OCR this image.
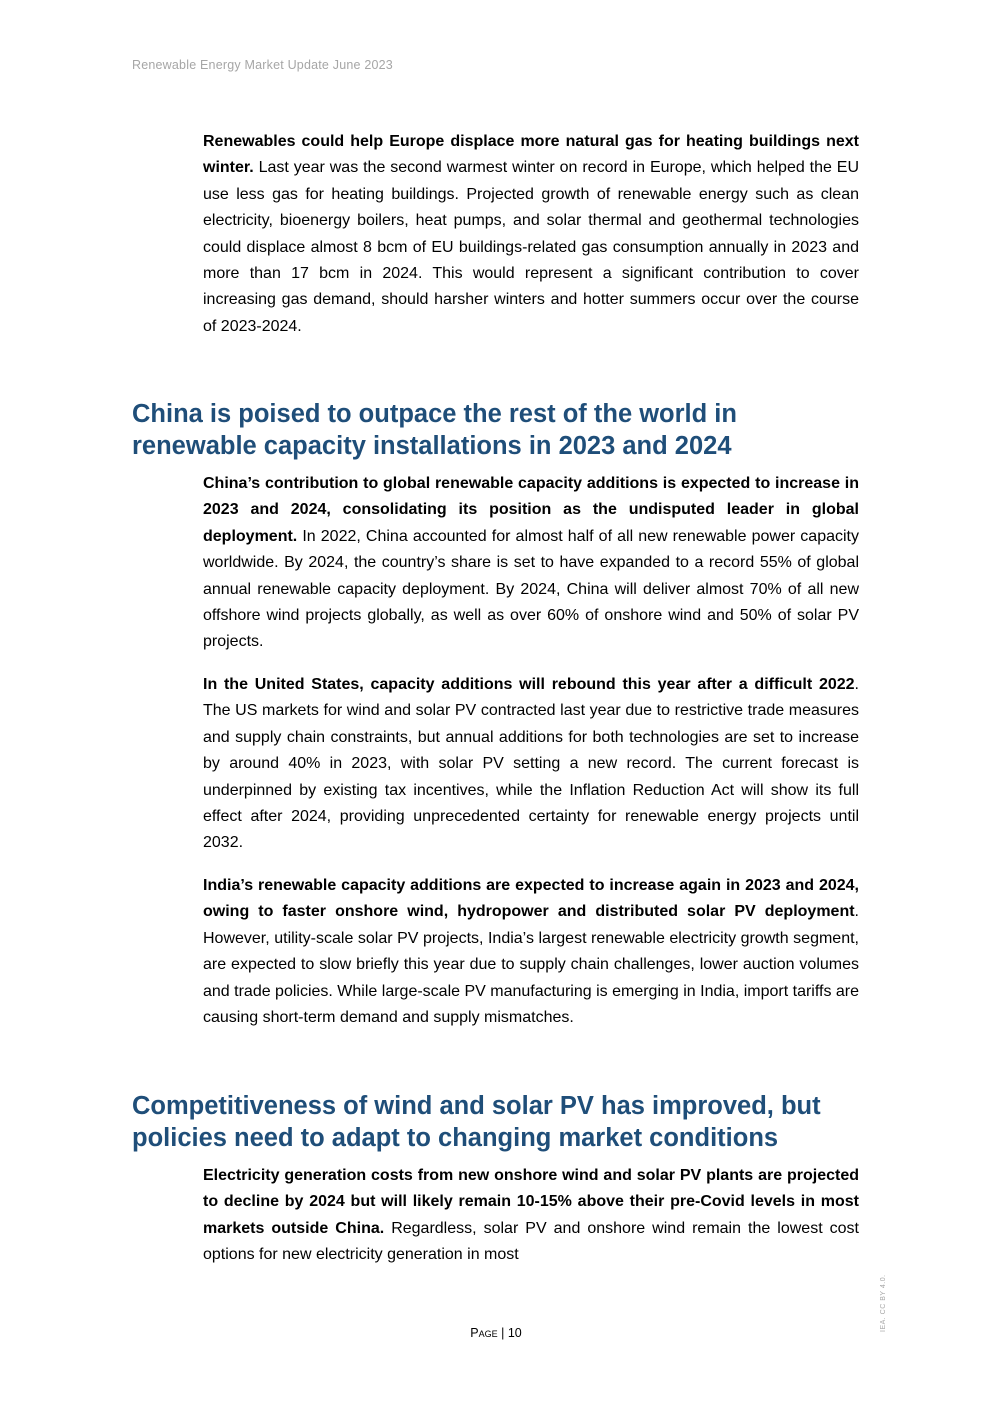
Renewable Energy Market Update June 2023

Renewables could help Europe displace more natural gas for heating buildings next winter. Last year was the second warmest winter on record in Europe, which helped the EU use less gas for heating buildings. Projected growth of renewable energy such as clean electricity, bioenergy boilers, heat pumps, and solar thermal and geothermal technologies could displace almost 8 bcm of EU buildings-related gas consumption annually in 2023 and more than 17 bcm in 2024. This would represent a significant contribution to cover increasing gas demand, should harsher winters and hotter summers occur over the course of 2023-2024.

China is poised to outpace the rest of the world in
renewable capacity installations in 2023 and 2024

China’s contribution to global renewable capacity additions is expected to increase in 2023 and 2024, consolidating its position as the undisputed leader in global deployment. In 2022, China accounted for almost half of all new renewable power capacity worldwide. By 2024, the country’s share is set to have expanded to a record 55% of global annual renewable capacity deployment. By 2024, China will deliver almost 70% of all new offshore wind projects globally, as well as over 60% of onshore wind and 50% of solar PV projects.

In the United States, capacity additions will rebound this year after a difficult 2022. The US markets for wind and solar PV contracted last year due to restrictive trade measures and supply chain constraints, but annual additions for both technologies are set to increase by around 40% in 2023, with solar PV setting a new record. The current forecast is underpinned by existing tax incentives, while the Inflation Reduction Act will show its full effect after 2024, providing unprecedented certainty for renewable energy projects until 2032.

India’s renewable capacity additions are expected to increase again in 2023 and 2024, owing to faster onshore wind, hydropower and distributed solar PV deployment. However, utility-scale solar PV projects, India’s largest renewable electricity growth segment, are expected to slow briefly this year due to supply chain challenges, lower auction volumes and trade policies. While large-scale PV manufacturing is emerging in India, import tariffs are causing short-term demand and supply mismatches.

Competitiveness of wind and solar PV has improved, but
policies need to adapt to changing market conditions

Electricity generation costs from new onshore wind and solar PV plants are projected to decline by 2024 but will likely remain 10-15% above their pre-Covid levels in most markets outside China. Regardless, solar PV and onshore wind remain the lowest cost options for new electricity generation in most

Page | 10
IEA. CC BY 4.0.
